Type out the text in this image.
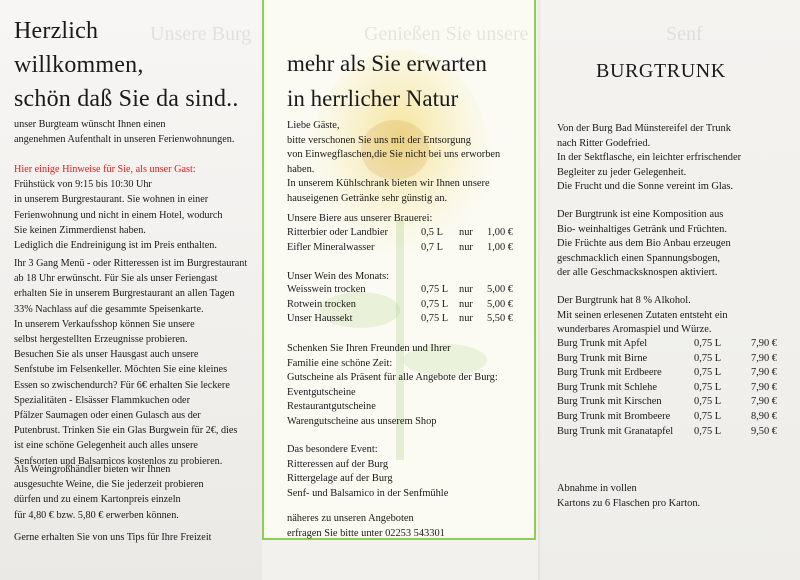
Unsere Burg
Herzlich
willkommen,
schön daß Sie da sind..
unser Burgteam wünscht Ihnen einen
angenehmen Aufenthalt in unseren Ferienwohnungen.
Hier einige Hinweise für Sie, als unser Gast:
Frühstück von 9:15 bis 10:30 Uhr
in unserem Burgrestaurant. Sie wohnen in einer
Ferienwohnung und nicht in einem Hotel, wodurch
Sie keinen Zimmerdienst haben.
Lediglich die Endreinigung ist im Preis enthalten.
Ihr 3 Gang Menü - oder Ritteressen ist im Burgrestaurant
ab 18 Uhr erwünscht. Für Sie als unser Feriengast
erhalten Sie in unserem Burgrestaurant an allen Tagen
33% Nachlass auf die gesammte Speisenkarte.
In unserem Verkaufsshop können Sie unsere
selbst hergestellten Erzeugnisse probieren.
Besuchen Sie als unser Hausgast auch unsere
Senfstube im Felsenkeller. Möchten Sie eine kleines
Essen so zwischendurch? Für 6€ erhalten Sie leckere
Spezialitäten - Elsässer Flammkuchen oder
Pfälzer Saumagen oder einen Gulasch aus der
Putenbrust. Trinken Sie ein Glas Burgwein für 2€, dies
ist eine schöne Gelegenheit auch alles unsere
Senfsorten und Balsamicos kostenlos zu probieren.
Als Weingroßhändler bieten wir Ihnen
ausgesuchte Weine, die Sie jederzeit probieren
dürfen und zu einem Kartonpreis einzeln
für 4,80 € bzw. 5,80 € erwerben können.
Gerne erhalten Sie von uns Tips für Ihre Freizeit
Genießen Sie unsere
mehr als Sie erwarten
in herrlicher Natur
Liebe Gäste,
bitte verschonen Sie uns mit der Entsorgung
von Einwegflaschen,die Sie nicht bei uns erworben
haben.
In unserem Kühlschrank bieten wir Ihnen unsere
hauseigenen Getränke sehr günstig an.
Unsere Biere aus unserer Brauerei:
Ritterbier oder Landbier	0,5 L nur 1,00 €
Eifler Mineralwasser	0,7 L nur 1,00 €
Unser Wein des Monats:
Weisswein trocken	0,75 L nur 5,00 €
Rotwein trocken	0,75 L nur 5,00 €
Unser Haussekt	0,75 L nur 5,50 €
Schenken Sie Ihren Freunden und Ihrer
Familie eine schöne Zeit:
Gutscheine als Präsent für alle Angebote der Burg:
Eventgutscheine
Restaurantgutscheine
Warengutscheine aus unserem Shop
Das besondere Event:
Ritteressen auf der Burg
Rittergelage auf der Burg
Senf- und Balsamico in der Senfmühle
näheres zu unseren Angeboten
erfragen Sie bitte unter 02253 543301
Senf
BURGTRUNK
Von der Burg Bad Münstereifel der Trunk
nach Ritter Godefried.
In der Sektflasche, ein leichter erfrischender
Begleiter zu jeder Gelegenheit.
Die Frucht und die Sonne vereint im Glas.
Der Burgtrunk ist eine Komposition aus
Bio- weinhaltiges Getränk und Früchten.
Die Früchte aus dem Bio Anbau erzeugen
geschmacklich einen Spannungsbogen,
der alle Geschmacksknospen aktiviert.
Der Burgtrunk hat 8 % Alkohol.
Mit seinen erlesenen Zutaten entsteht ein
wunderbares Aromaspiel und Würze.
Burg Trunk mit Apfel	0,75 L	7,90 €
Burg Trunk mit Birne	0,75 L	7,90 €
Burg Trunk mit Erdbeere	0,75 L	7,90 €
Burg Trunk mit Schlehe	0,75 L	7,90 €
Burg Trunk mit Kirschen	0,75 L	7,90 €
Burg Trunk mit Brombeere 0,75 L	8,90 €
Burg Trunk mit Granatapfel 0,75 L	9,50 €
Abnahme in vollen
Kartons zu 6 Flaschen pro Karton.
